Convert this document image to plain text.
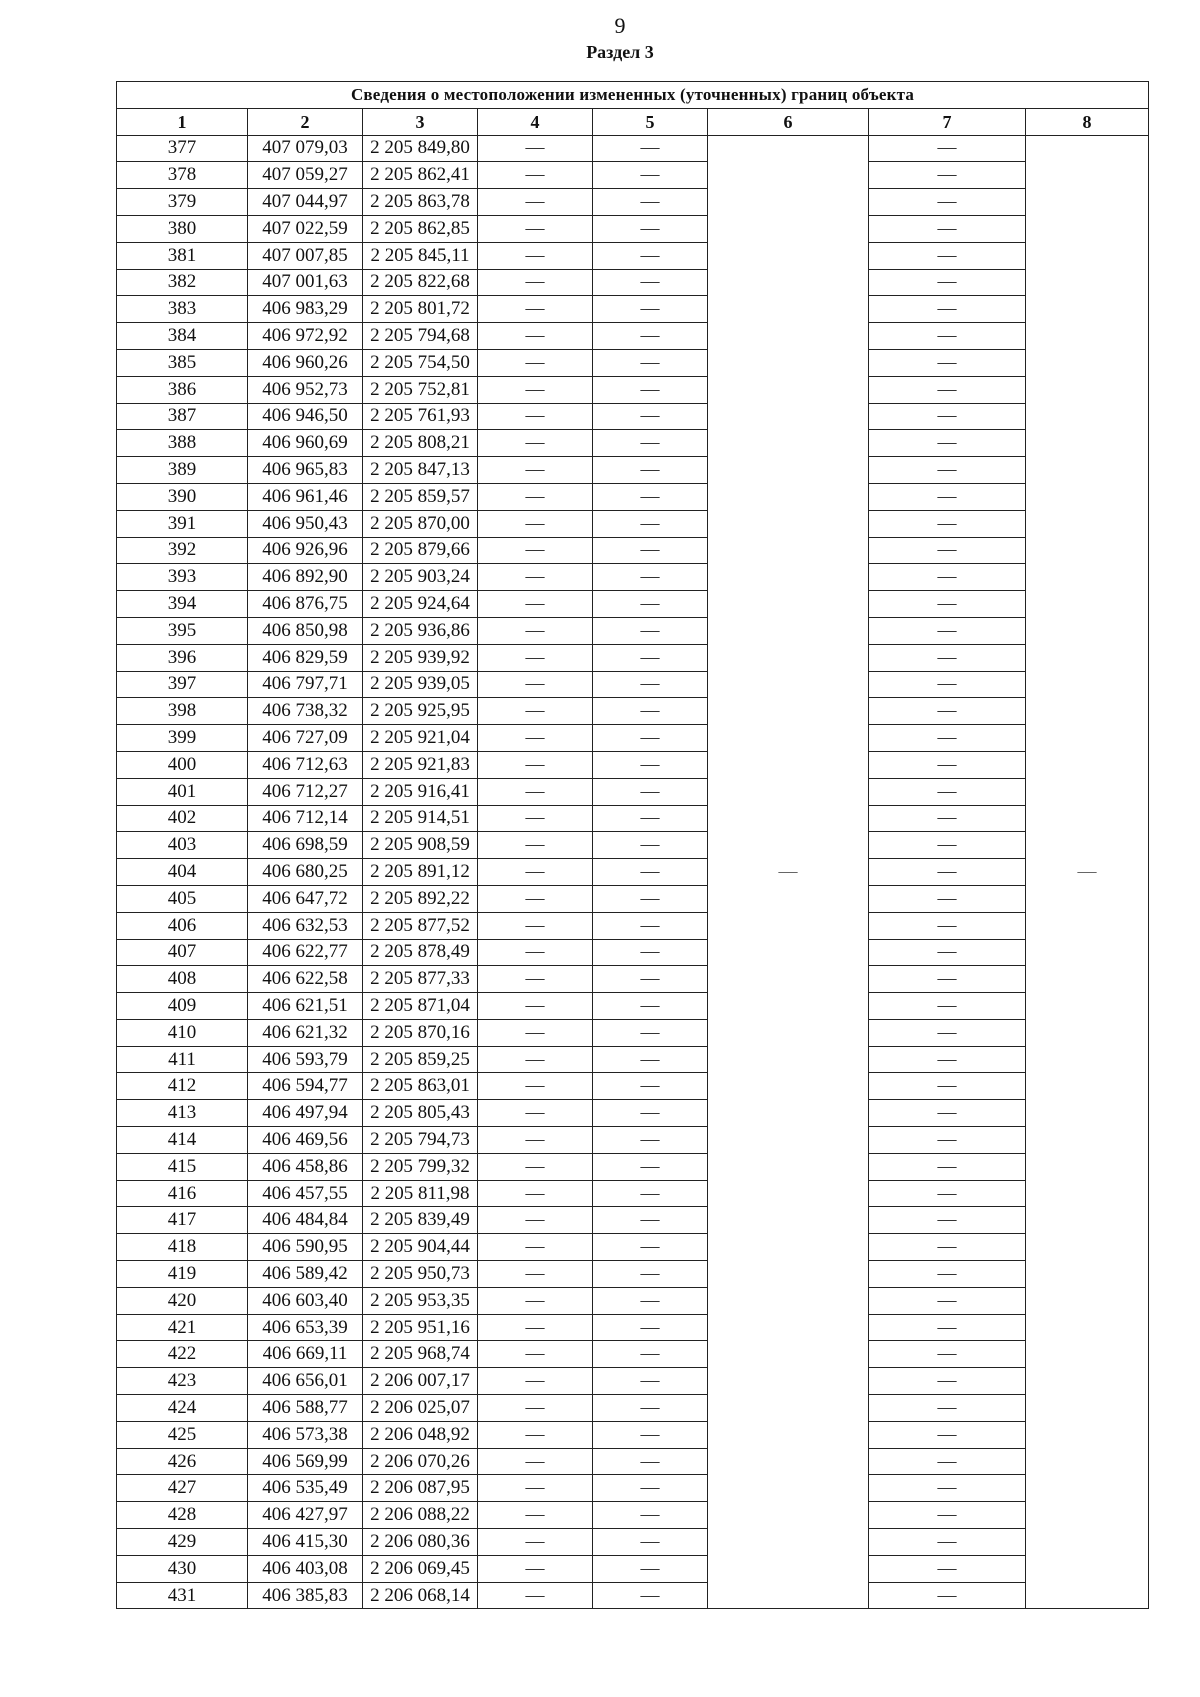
9
Раздел 3
Сведения о местоположении измененных (уточненных) границ объекта							
1	2	3	4	5	6	7	8
377	407 079,03	2 205 849,80	—	—	—	—	—
378	407 059,27	2 205 862,41	—	—		—	
379	407 044,97	2 205 863,78	—	—		—	
380	407 022,59	2 205 862,85	—	—		—	
381	407 007,85	2 205 845,11	—	—		—	
382	407 001,63	2 205 822,68	—	—		—	
383	406 983,29	2 205 801,72	—	—		—	
384	406 972,92	2 205 794,68	—	—		—	
385	406 960,26	2 205 754,50	—	—		—	
386	406 952,73	2 205 752,81	—	—		—	
387	406 946,50	2 205 761,93	—	—		—	
388	406 960,69	2 205 808,21	—	—		—	
389	406 965,83	2 205 847,13	—	—		—	
390	406 961,46	2 205 859,57	—	—		—	
391	406 950,43	2 205 870,00	—	—		—	
392	406 926,96	2 205 879,66	—	—		—	
393	406 892,90	2 205 903,24	—	—		—	
394	406 876,75	2 205 924,64	—	—		—	
395	406 850,98	2 205 936,86	—	—		—	
396	406 829,59	2 205 939,92	—	—		—	
397	406 797,71	2 205 939,05	—	—		—	
398	406 738,32	2 205 925,95	—	—		—	
399	406 727,09	2 205 921,04	—	—		—	
400	406 712,63	2 205 921,83	—	—		—	
401	406 712,27	2 205 916,41	—	—		—	
402	406 712,14	2 205 914,51	—	—		—	
403	406 698,59	2 205 908,59	—	—		—	
404	406 680,25	2 205 891,12	—	—		—	
405	406 647,72	2 205 892,22	—	—		—	
406	406 632,53	2 205 877,52	—	—		—	
407	406 622,77	2 205 878,49	—	—		—	
408	406 622,58	2 205 877,33	—	—		—	
409	406 621,51	2 205 871,04	—	—		—	
410	406 621,32	2 205 870,16	—	—		—	
411	406 593,79	2 205 859,25	—	—		—	
412	406 594,77	2 205 863,01	—	—		—	
413	406 497,94	2 205 805,43	—	—		—	
414	406 469,56	2 205 794,73	—	—		—	
415	406 458,86	2 205 799,32	—	—		—	
416	406 457,55	2 205 811,98	—	—		—	
417	406 484,84	2 205 839,49	—	—		—	
418	406 590,95	2 205 904,44	—	—		—	
419	406 589,42	2 205 950,73	—	—		—	
420	406 603,40	2 205 953,35	—	—		—	
421	406 653,39	2 205 951,16	—	—		—	
422	406 669,11	2 205 968,74	—	—		—	
423	406 656,01	2 206 007,17	—	—		—	
424	406 588,77	2 206 025,07	—	—		—	
425	406 573,38	2 206 048,92	—	—		—	
426	406 569,99	2 206 070,26	—	—		—	
427	406 535,49	2 206 087,95	—	—		—	
428	406 427,97	2 206 088,22	—	—		—	
429	406 415,30	2 206 080,36	—	—		—	
430	406 403,08	2 206 069,45	—	—		—	
431	406 385,83	2 206 068,14	—	—		—	
